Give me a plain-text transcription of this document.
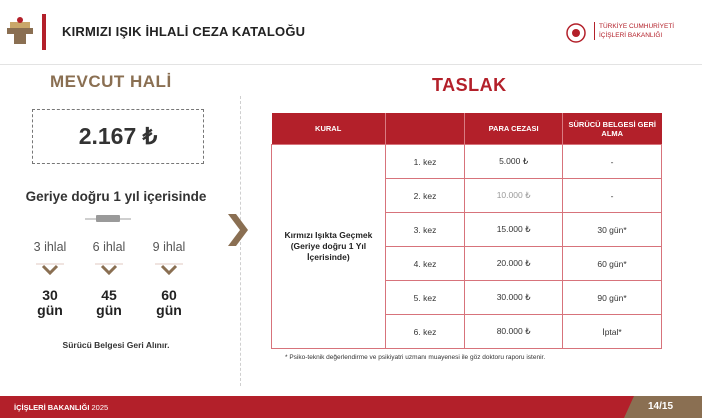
KIRMIZI IŞIK İHLALİ CEZA KATALOĞU	TÜRKİYE CUMHURİYETİ
İÇİŞLERİ BAKANLIĞI
MEVCUT HALİ
2.167 ₺
Geriye doğru 1 yıl içerisinde
3 ihlal
30
gün
6 ihlal
45
gün
9 ihlal
60
gün
Sürücü Belgesi Geri Alınır.
TASLAK
KURAL		PARA CEZASI	SÜRÜCÜ BELGESİ GERİ ALMA
Kırmızı Işıkta Geçmek (Geriye doğru 1 Yıl İçerisinde)	1. kez	5.000 ₺	-
	2. kez	10.000 ₺	-
	3. kez	15.000 ₺	30 gün*
	4. kez	20.000 ₺	60 gün*
	5. kez	30.000 ₺	90 gün*
	6. kez	80.000 ₺	İptal*
* Psiko-teknik değerlendirme ve psikiyatri uzmanı muayenesi ile göz doktoru raporu istenir.
İÇİŞLERİ BAKANLIĞI 2025	14/15
